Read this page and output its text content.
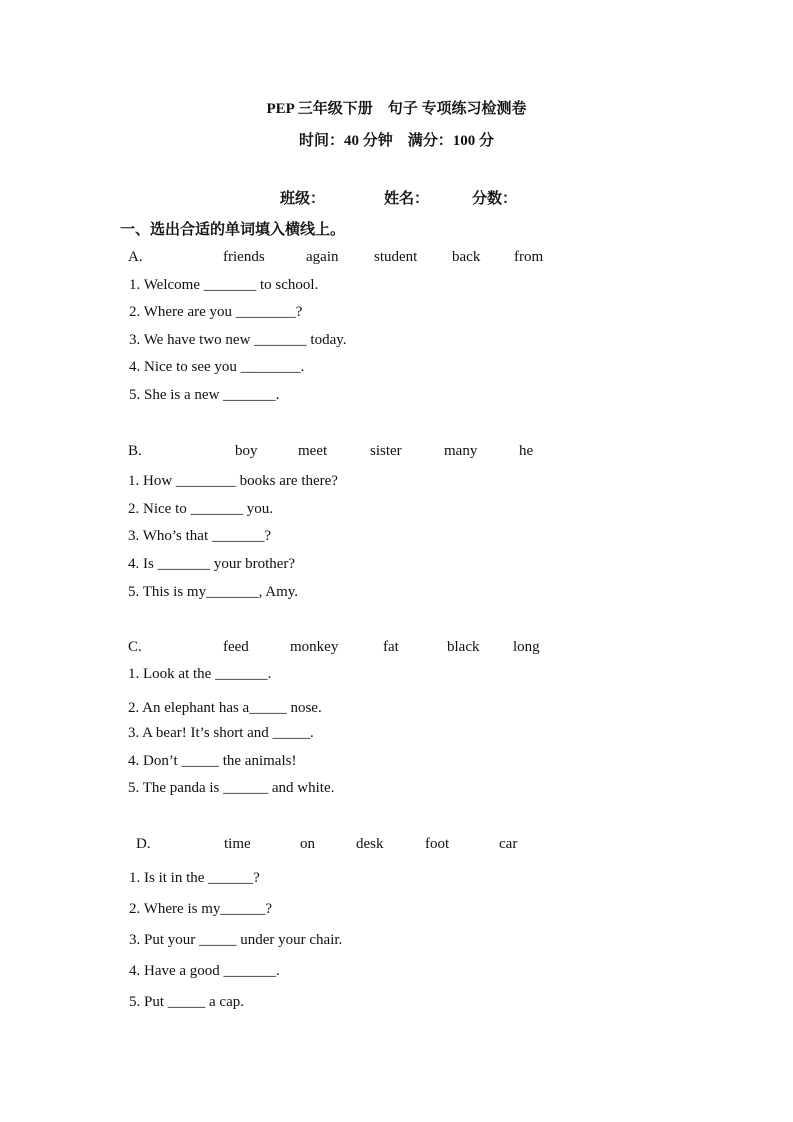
PEP 三年级下册　句子 专项练习检测卷
时间：40 分钟　满分：100 分
班级：	姓名：	分数：
一、选出合适的单词填入横线上。
A.	friends	again student back from
1. Welcome _______ to school.
2. Where are you ________?
3. We have two new _______ today.
4. Nice to see you ________.
5. She is a new _______.
B.	boy	meet	sister	many	he
1. How ________ books are there?
2. Nice to _______ you.
3. Who’s that _______?
4. Is _______ your brother?
5. This is my_______, Amy.
C.	feed	monkey	fat	black long
1. Look at the _______.
2. An elephant has a_____ nose.
3. A bear! It’s short and _____.
4. Don’t _____ the animals!
5. The panda is ______ and white.
D.	time	on	desk	foot	car
1. Is it in the ______?
2. Where is my______?
3. Put your _____ under your chair.
4. Have a good _______.
5. Put _____ a cap.
